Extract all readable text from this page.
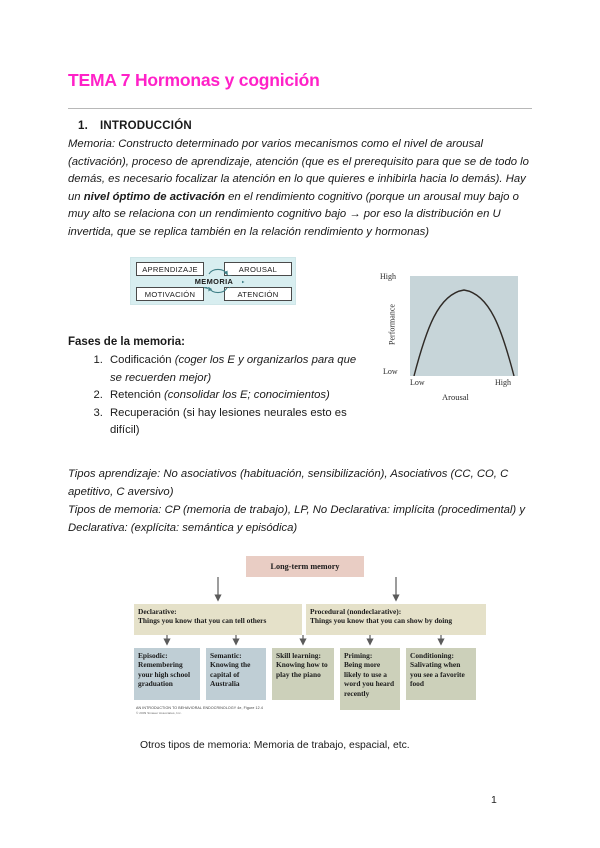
TEMA 7 Hormonas y cognición
1. INTRODUCCIÓN
Memoria: Constructo determinado por varios mecanismos como el nivel de arousal (activación), proceso de aprendizaje, atención (que es el prerequisito para que se de todo lo demás, es necesario focalizar la atención en lo que quieres e inhibirla hacia lo demás). Hay un nivel óptimo de activación en el rendimiento cognitivo (porque un arousal muy bajo o muy alto se relaciona con un rendimiento cognitivo bajo → por eso la distribución en U invertida, que se replica también en la relación rendimiento y hormonas)
APRENDIZAJE	AROUSAL
MOTIVACIÓN	ATENCIÓN
MEMORIA
High
Low
Low	High
Arousal
Performance
Fases de la memoria:
1. Codificación (coger los E y organizarlos para que se recuerden mejor)
2. Retención (consolidar los E; conocimientos)
3. Recuperación (si hay lesiones neurales esto es difícil)
Tipos aprendizaje: No asociativos (habituación, sensibilización), Asociativos (CC, CO, C apetitivo, C aversivo)
Tipos de memoria: CP (memoria de trabajo), LP, No Declarativa: implícita (procedimental) y Declarativa: (explícita: semántica y episódica)
Long-term memory
Declarative:
Things you know that you can tell others
Procedural (nondeclarative):
Things you know that you can show by doing
Episodic:
Remembering your high school graduation
Semantic:
Knowing the capital of Australia
Skill learning:
Knowing how to play the piano
Priming:
Being more likely to use a word you heard recently
Conditioning:
Salivating when you see a favorite food
AN INTRODUCTION TO BEHAVIORAL ENDOCRINOLOGY 4e, Figure 12.4
© 2009 Sinauer Associates, Inc.
Otros tipos de memoria: Memoria de trabajo, espacial, etc.
1
